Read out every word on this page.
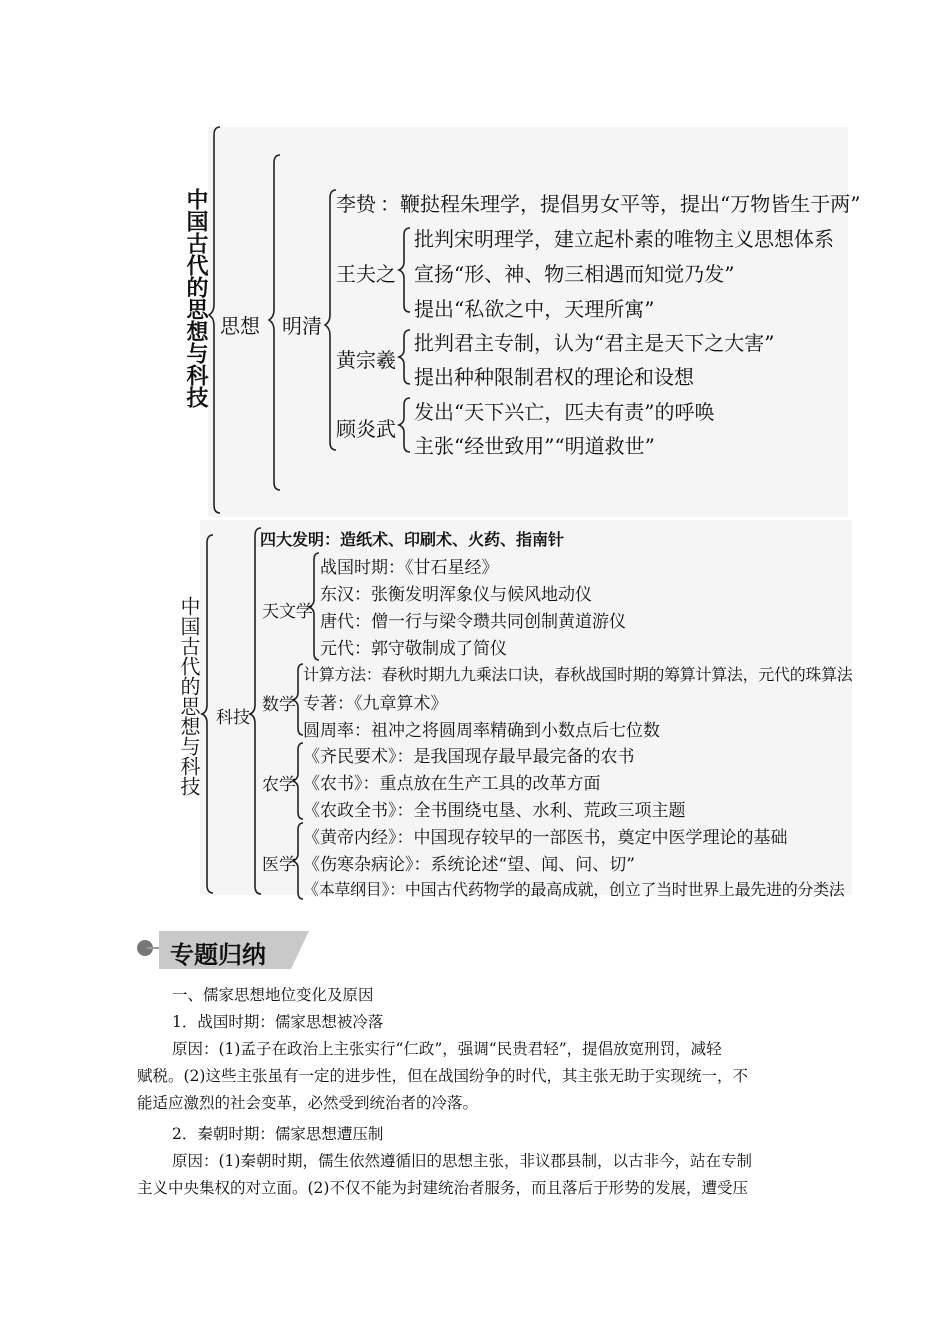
中国古代的思想与科技 思想 明清
李贽 ：鞭挞程朱理学，提倡男女平等，提出“万物皆生于两”
王夫之
批判宋明理学，建立起朴素的唯物主义思想体系
宣扬“形、神、物三相遇而知觉乃发”
提出“私欲之中，天理所寓”
黄宗羲
批判君主专制，认为“君主是天下之大害”
提出种种限制君权的理论和设想
顾炎武
发出“天下兴亡，匹夫有责”的呼唤
主张“经世致用”“明道救世”
中国古代的思想与科技 科技
四大发明：造纸术、印刷术、火药、指南针
天文学
战国时期：《甘石星经》
东汉：张衡发明浑象仪与候风地动仪
唐代：僧一行与梁令瓒共同创制黄道游仪
元代：郭守敬制成了简仪
数学
计算方法：春秋时期九九乘法口诀，春秋战国时期的筹算计算法，元代的珠算法
专著：《九章算术》
圆周率：祖冲之将圆周率精确到小数点后七位数
农学
《齐民要术》：是我国现存最早最完备的农书
《农书》：重点放在生产工具的改革方面
《农政全书》：全书围绕屯垦、水利、荒政三项主题
医学
《黄帝内经》：中国现存较早的一部医书，奠定中医学理论的基础
《伤寒杂病论》：系统论述“望、闻、问、切”
《本草纲目》：中国古代药物学的最高成就，创立了当时世界上最先进的分类法
专题归纳
一、儒家思想地位变化及原因
1．战国时期：儒家思想被冷落
原因：(1)孟子在政治上主张实行“仁政”，强调“民贵君轻”，提倡放宽刑罚，减轻
赋税。(2)这些主张虽有一定的进步性，但在战国纷争的时代，其主张无助于实现统一，不
能适应激烈的社会变革，必然受到统治者的冷落。
2．秦朝时期：儒家思想遭压制
原因：(1)秦朝时期，儒生依然遵循旧的思想主张，非议郡县制，以古非今，站在专制
主义中央集权的对立面。(2)不仅不能为封建统治者服务，而且落后于形势的发展，遭受压
